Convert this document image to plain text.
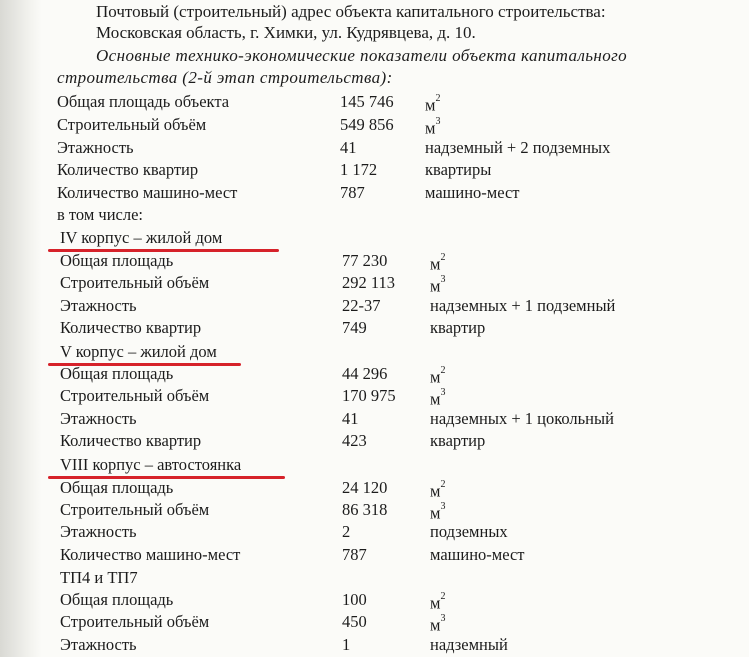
Почтовый (строительный) адрес объекта капитального строительства:
Московская область, г. Химки, ул. Кудрявцева, д. 10.
Основные технико-экономические показатели объекта капитального
строительства (2-й этап строительства):
Общая площадь объекта	145 746 $м^2$
Строительный объём	549 856 $м^3$
Этажность	41	надземный + 2 подземных
Количество квартир	1 172	квартиры
Количество машино-мест	787	машино-мест
в том числе:
IV корпус – жилой дом
Общая площадь	77 230	$м^2$
Строительный объём	292 113 $м^3$
Этажность	22-37	надземных + 1 подземный
Количество квартир	749	квартир
V корпус – жилой дом
Общая площадь	44 296	$м^2$
Строительный объём	170 975 $м^3$
Этажность	41	надземных + 1 цокольный
Количество квартир	423	квартир
VIII корпус – автостоянка
Общая площадь	24 120	$м^2$
Строительный объём	86 318	$м^3$
Этажность	2	подземных
Количество машино-мест	787	машино-мест
ТП4 и ТП7
Общая площадь	100	$м^2$
Строительный объём	450	$м^3$
Этажность	1	надземный
